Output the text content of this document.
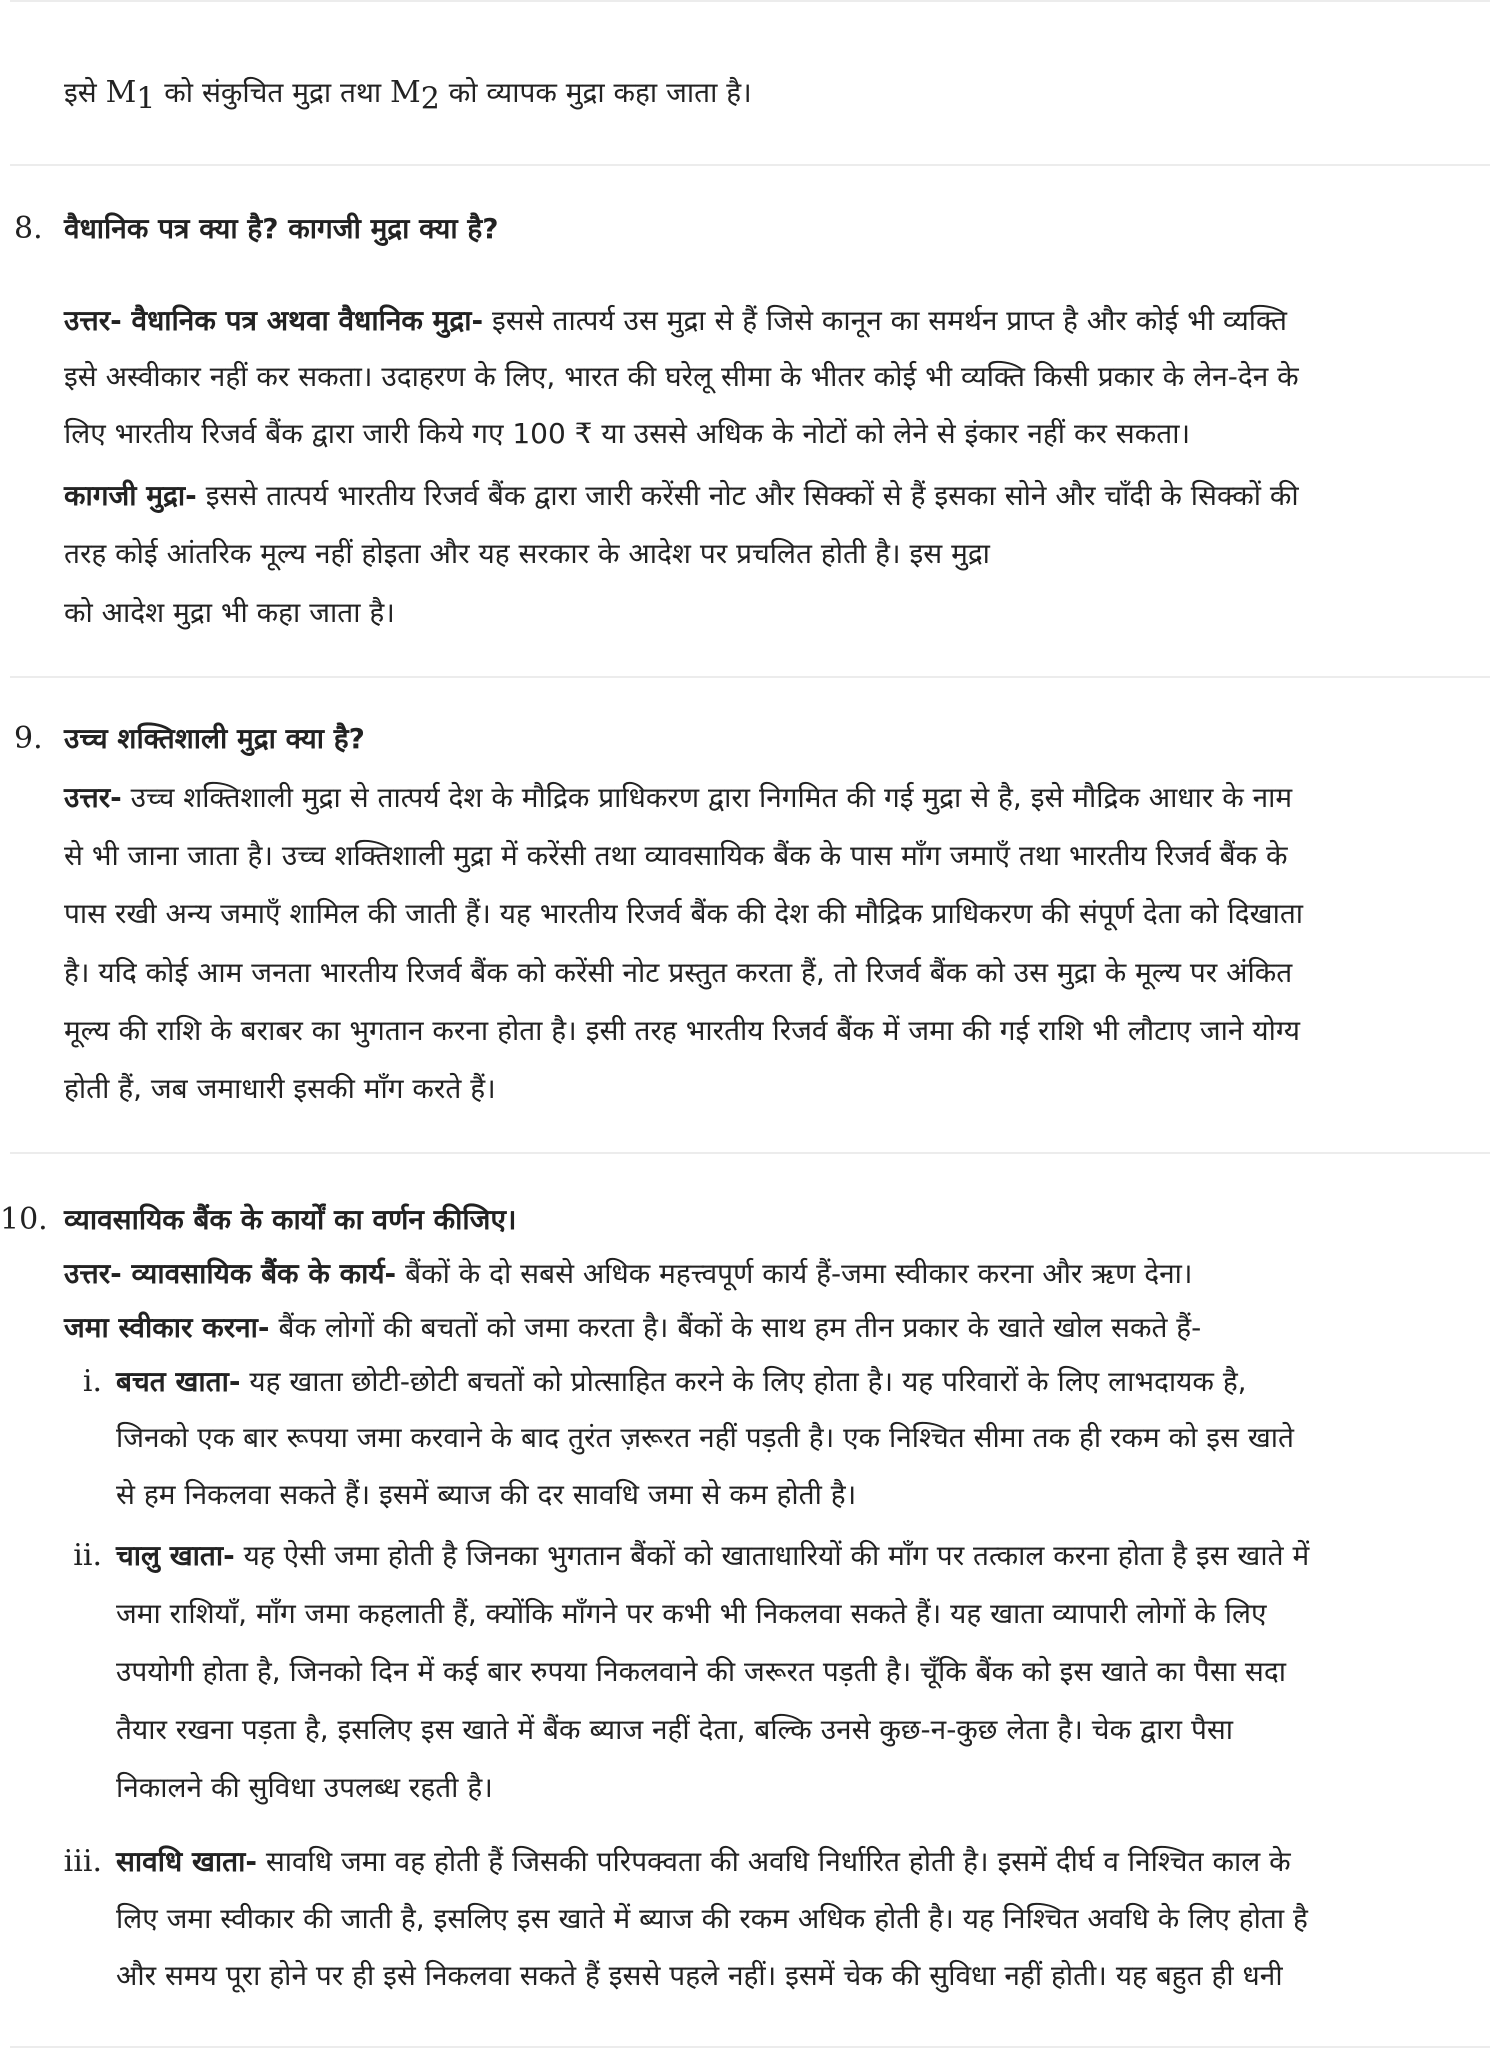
इसे $M_1$ को संकुचित मुद्रा तथा $M_2$ को व्यापक मुद्रा कहा जाता है।
8. वैधानिक पत्र क्या है? कागजी मुद्रा क्या है?
उत्तर- वैधानिक पत्र अथवा वैधानिक मुद्रा- इससे तात्पर्य उस मुद्रा से हैं जिसे कानून का समर्थन प्राप्त है और कोई भी व्यक्ति
इसे अस्वीकार नहीं कर सकता। उदाहरण के लिए, भारत की घरेलू सीमा के भीतर कोई भी व्यक्ति किसी प्रकार के लेन-देन के
लिए भारतीय रिजर्व बैंक द्वारा जारी किये गए 100 ₹ या उससे अधिक के नोटों को लेने से इंकार नहीं कर सकता।
कागजी मुद्रा- इससे तात्पर्य भारतीय रिजर्व बैंक द्वारा जारी करेंसी नोट और सिक्कों से हैं इसका सोने और चाँदी के सिक्कों की
तरह कोई आंतरिक मूल्य नहीं होइता और यह सरकार के आदेश पर प्रचलित होती है। इस मुद्रा
को आदेश मुद्रा भी कहा जाता है।
9. उच्च शक्तिशाली मुद्रा क्या है?
उत्तर- उच्च शक्तिशाली मुद्रा से तात्पर्य देश के मौद्रिक प्राधिकरण द्वारा निगमित की गई मुद्रा से है, इसे मौद्रिक आधार के नाम
से भी जाना जाता है। उच्च शक्तिशाली मुद्रा में करेंसी तथा व्यावसायिक बैंक के पास माँग जमाएँ तथा भारतीय रिजर्व बैंक के
पास रखी अन्य जमाएँ शामिल की जाती हैं। यह भारतीय रिजर्व बैंक की देश की मौद्रिक प्राधिकरण की संपूर्ण देता को दिखाता
है। यदि कोई आम जनता भारतीय रिजर्व बैंक को करेंसी नोट प्रस्तुत करता हैं, तो रिजर्व बैंक को उस मुद्रा के मूल्य पर अंकित
मूल्य की राशि के बराबर का भुगतान करना होता है। इसी तरह भारतीय रिजर्व बैंक में जमा की गई राशि भी लौटाए जाने योग्य
होती हैं, जब जमाधारी इसकी माँग करते हैं।
10. व्यावसायिक बैंक के कार्यों का वर्णन कीजिए।
उत्तर- व्यावसायिक बैंक के कार्य- बैंकों के दो सबसे अधिक महत्त्वपूर्ण कार्य हैं-जमा स्वीकार करना और ऋण देना।
जमा स्वीकार करना- बैंक लोगों की बचतों को जमा करता है। बैंकों के साथ हम तीन प्रकार के खाते खोल सकते हैं-
i. बचत खाता- यह खाता छोटी-छोटी बचतों को प्रोत्साहित करने के लिए होता है। यह परिवारों के लिए लाभदायक है,
जिनको एक बार रूपया जमा करवाने के बाद तुरंत ज़रूरत नहीं पड़ती है। एक निश्चित सीमा तक ही रकम को इस खाते
से हम निकलवा सकते हैं। इसमें ब्याज की दर सावधि जमा से कम होती है।
ii. चालु खाता- यह ऐसी जमा होती है जिनका भुगतान बैंकों को खाताधारियों की माँग पर तत्काल करना होता है इस खाते में
जमा राशियाँ, माँग जमा कहलाती हैं, क्योंकि माँगने पर कभी भी निकलवा सकते हैं। यह खाता व्यापारी लोगों के लिए
उपयोगी होता है, जिनको दिन में कई बार रुपया निकलवाने की जरूरत पड़ती है। चूँकि बैंक को इस खाते का पैसा सदा
तैयार रखना पड़ता है, इसलिए इस खाते में बैंक ब्याज नहीं देता, बल्कि उनसे कुछ-न-कुछ लेता है। चेक द्वारा पैसा
निकालने की सुविधा उपलब्ध रहती है।
iii. सावधि खाता- सावधि जमा वह होती हैं जिसकी परिपक्वता की अवधि निर्धारित होती है। इसमें दीर्घ व निश्चित काल के
लिए जमा स्वीकार की जाती है, इसलिए इस खाते में ब्याज की रकम अधिक होती है। यह निश्चित अवधि के लिए होता है
और समय पूरा होने पर ही इसे निकलवा सकते हैं इससे पहले नहीं। इसमें चेक की सुविधा नहीं होती। यह बहुत ही धनी
